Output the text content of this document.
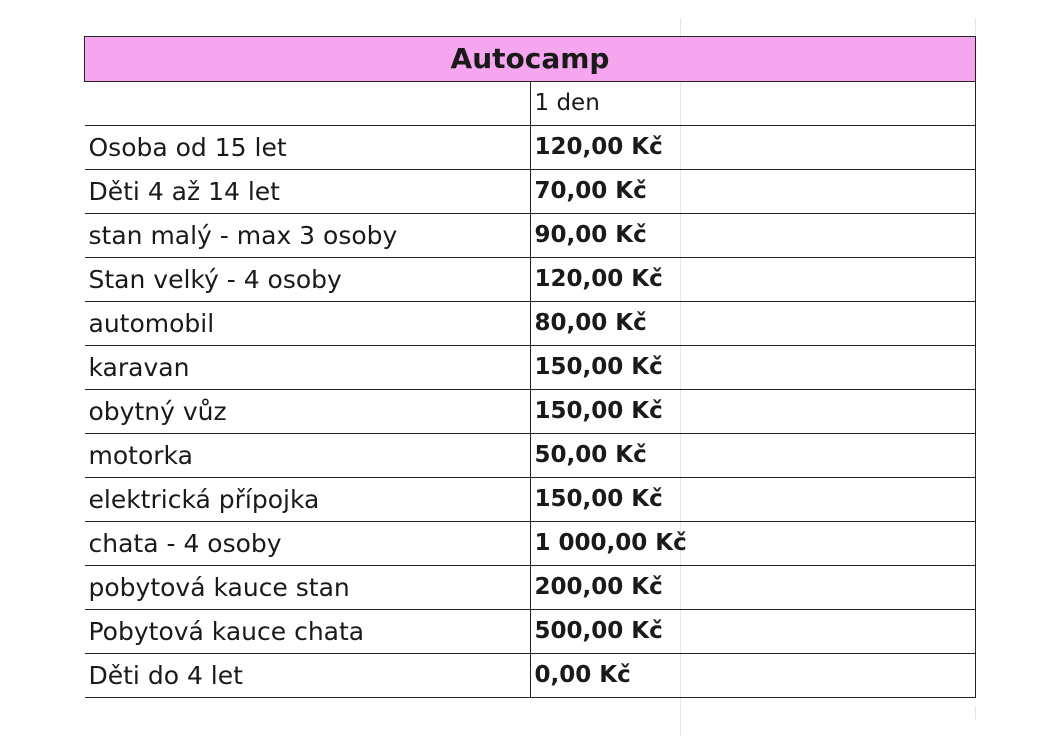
Autocamp	
	1 den
Osoba od 15 let	120,00 Kč
Děti 4 až 14 let	70,00 Kč
stan malý - max 3 osoby	90,00 Kč
Stan velký - 4 osoby	120,00 Kč
automobil	80,00 Kč
karavan	150,00 Kč
obytný vůz	150,00 Kč
motorka	50,00 Kč
elektrická přípojka	150,00 Kč
chata - 4 osoby	1 000,00 Kč
pobytová kauce stan	200,00 Kč
Pobytová kauce chata	500,00 Kč
Děti do 4 let	0,00 Kč
